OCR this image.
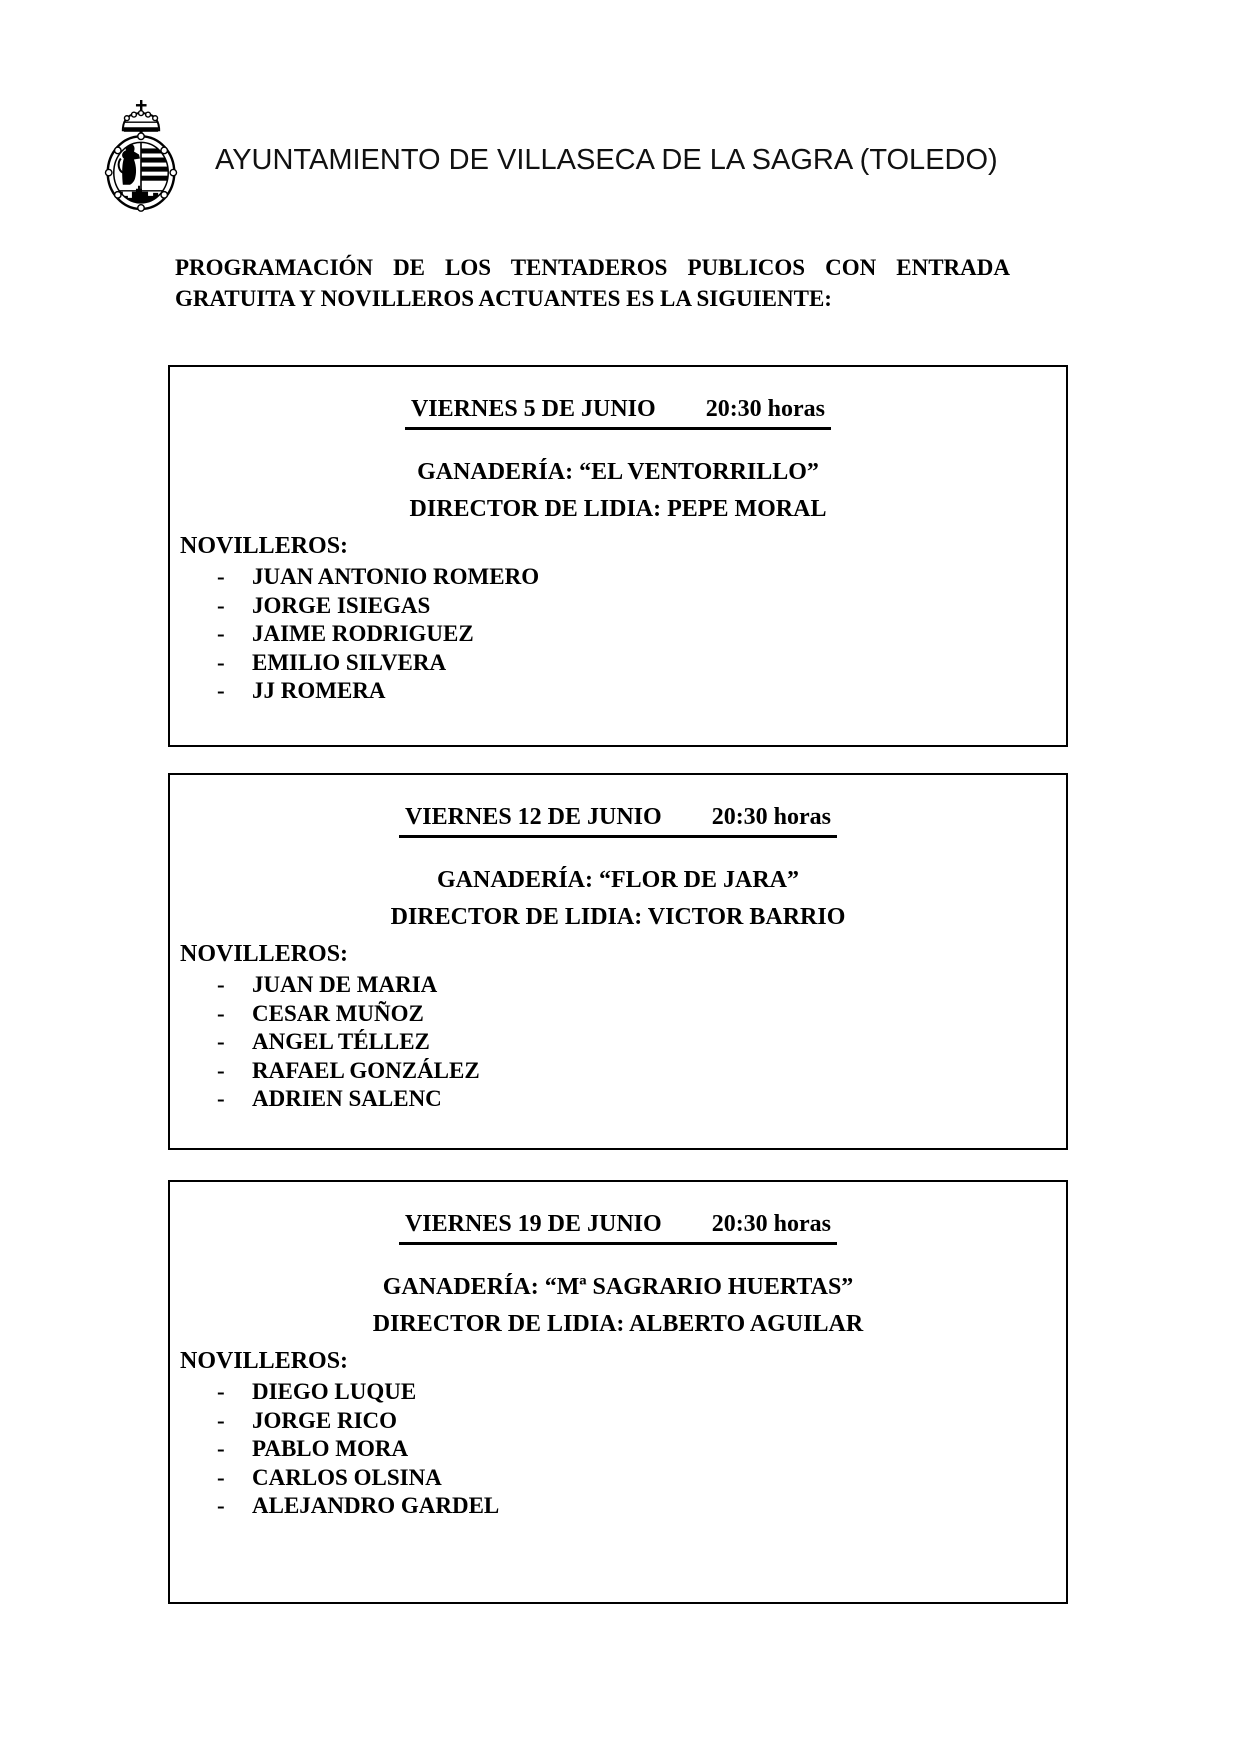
AYUNTAMIENTO DE VILLASECA DE LA SAGRA (TOLEDO)
PROGRAMACIÓN DE LOS TENTADEROS PUBLICOS CON ENTRADA
GRATUITA Y NOVILLEROS ACTUANTES ES LA SIGUIENTE:
VIERNES 5 DE JUNIO 20:30 horas
GANADERÍA: “EL VENTORRILLO”
DIRECTOR DE LIDIA: PEPE MORAL
NOVILLEROS:
-	JUAN ANTONIO ROMERO
-	JORGE ISIEGAS
-	JAIME RODRIGUEZ
-	EMILIO SILVERA
-	JJ ROMERA
VIERNES 12 DE JUNIO 20:30 horas
GANADERÍA: “FLOR DE JARA”
DIRECTOR DE LIDIA: VICTOR BARRIO
NOVILLEROS:
-	JUAN DE MARIA
-	CESAR MUÑOZ
-	ANGEL TÉLLEZ
-	RAFAEL GONZÁLEZ
-	ADRIEN SALENC
VIERNES 19 DE JUNIO 20:30 horas
GANADERÍA: “Mª SAGRARIO HUERTAS”
DIRECTOR DE LIDIA: ALBERTO AGUILAR
NOVILLEROS:
-	DIEGO LUQUE
-	JORGE RICO
-	PABLO MORA
-	CARLOS OLSINA
-	ALEJANDRO GARDEL
